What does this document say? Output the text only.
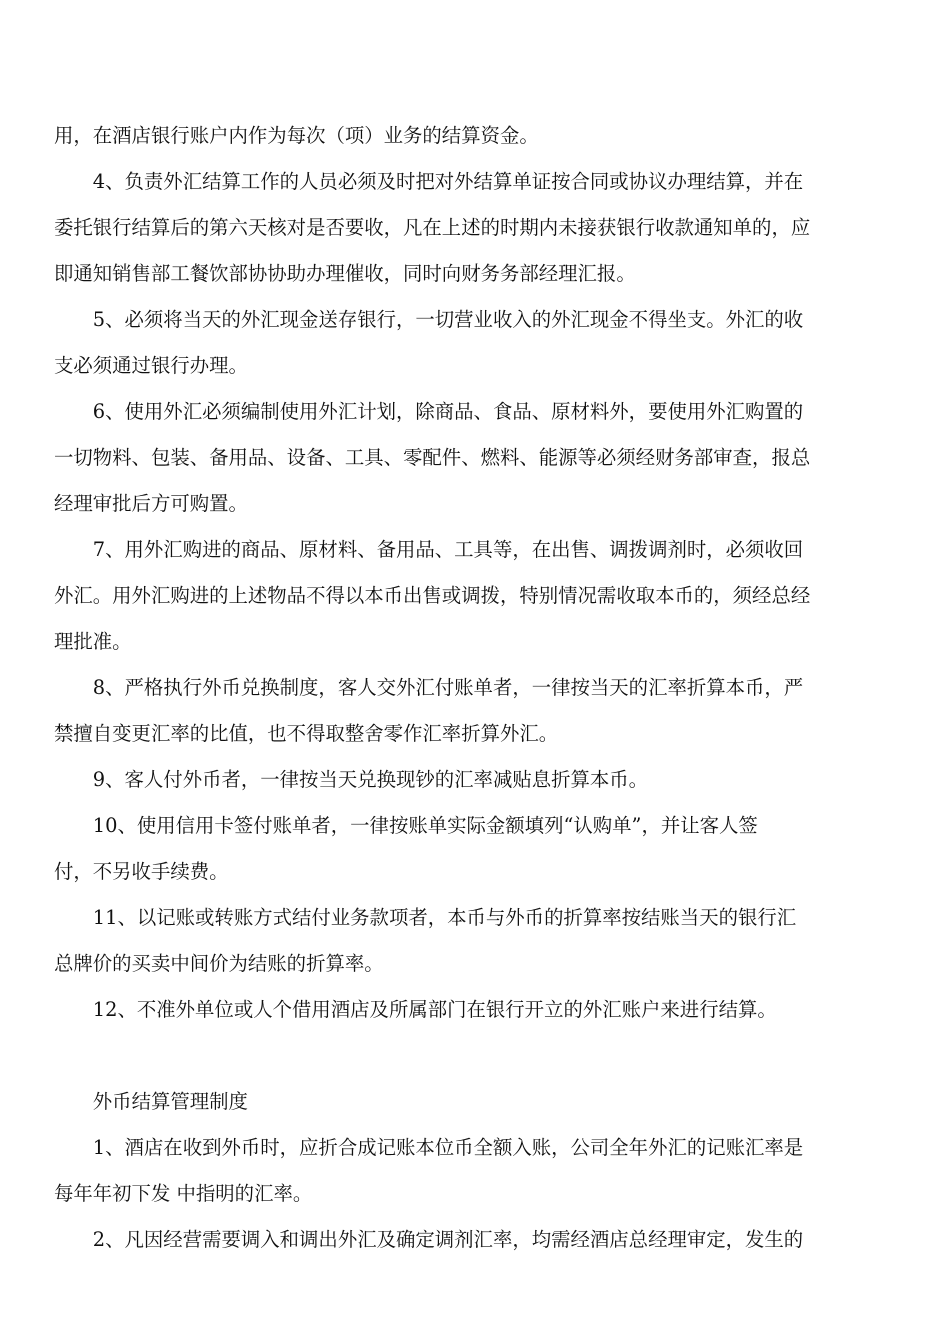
用，在酒店银行账户内作为每次（项）业务的结算资金。

4、负责外汇结算工作的人员必须及时把对外结算单证按合同或协议办理结算，并在
委托银行结算后的第六天核对是否要收，凡在上述的时期内未接获银行收款通知单的，应
即通知销售部工餐饮部协协助办理催收，同时向财务务部经理汇报。

5、必须将当天的外汇现金送存银行，一切营业收入的外汇现金不得坐支。外汇的收
支必须通过银行办理。

6、使用外汇必须编制使用外汇计划，除商品、食品、原材料外，要使用外汇购置的
一切物料、包装、备用品、设备、工具、零配件、燃料、能源等必须经财务部审查，报总
经理审批后方可购置。

7、用外汇购进的商品、原材料、备用品、工具等，在出售、调拨调剂时，必须收回
外汇。用外汇购进的上述物品不得以本币出售或调拨，特别情况需收取本币的，须经总经
理批准。

8、严格执行外币兑换制度，客人交外汇付账单者，一律按当天的汇率折算本币，严
禁擅自变更汇率的比值，也不得取整舍零作汇率折算外汇。

9、客人付外币者，一律按当天兑换现钞的汇率减贴息折算本币。

10、使用信用卡签付账单者，一律按账单实际金额填列“认购单”，并让客人签
付，不另收手续费。

11、以记账或转账方式结付业务款项者，本币与外币的折算率按结账当天的银行汇
总牌价的买卖中间价为结账的折算率。

12、不准外单位或人个借用酒店及所属部门在银行开立的外汇账户来进行结算。

外币结算管理制度

1、酒店在收到外币时，应折合成记账本位币全额入账，公司全年外汇的记账汇率是
每年年初下发 中指明的汇率。

2、凡因经营需要调入和调出外汇及确定调剂汇率，均需经酒店总经理审定，发生的
